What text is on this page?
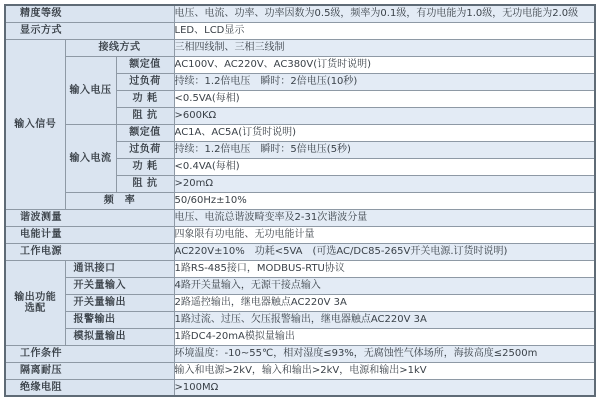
精度等级			电压、电流、功率、功率因数为0.5级，频率为0.1级，有功电能为1.0级，无功电能为2.0级
显示方式			LED、LCD显示
输入信号	接线方式		三相四线制、三相三线制
	输入电压	额定值	AC100V、AC220V、AC380V(订货时说明)
		过负荷	持续：1.2倍电压　瞬时：2倍电压(10秒)
		功 耗	<0.5VA(每相)
		阻 抗	>600KΩ
	输入电流	额定值	AC1A、AC5A(订货时说明)
		过负荷	持续：1.2倍电压　瞬时：5倍电压(5秒)
		功 耗	<0.4VA(每相)
		阻 抗	>20mΩ
	频　率		50/60Hz±10%
谐波测量			电压、电流总谐波畸变率及2-31次谐波分量
电能计量			四象限有功电能、无功电能计量
工作电源			AC220V±10%　功耗<5VA　(可选AC/DC85-265V开关电源.订货时说明)

输出功能
选配	通讯接口		1路RS-485接口，MODBUS-RTU协议
	开关量输入		4路开关量输入，无源干接点输入
	开关量输出		2路遥控输出，继电器触点AC220V 3A
	报警输出		1路过流、过压、欠压报警输出，继电器触点AC220V 3A
	模拟量输出		1路DC4-20mA模拟量输出
工作条件			环境温度：-10~55℃，相对湿度≤93%，无腐蚀性气体场所，海拔高度≤2500m
隔离耐压			输入和电源>2kV，输入和输出>2kV，电源和输出>1kV
绝缘电阻			>100MΩ
